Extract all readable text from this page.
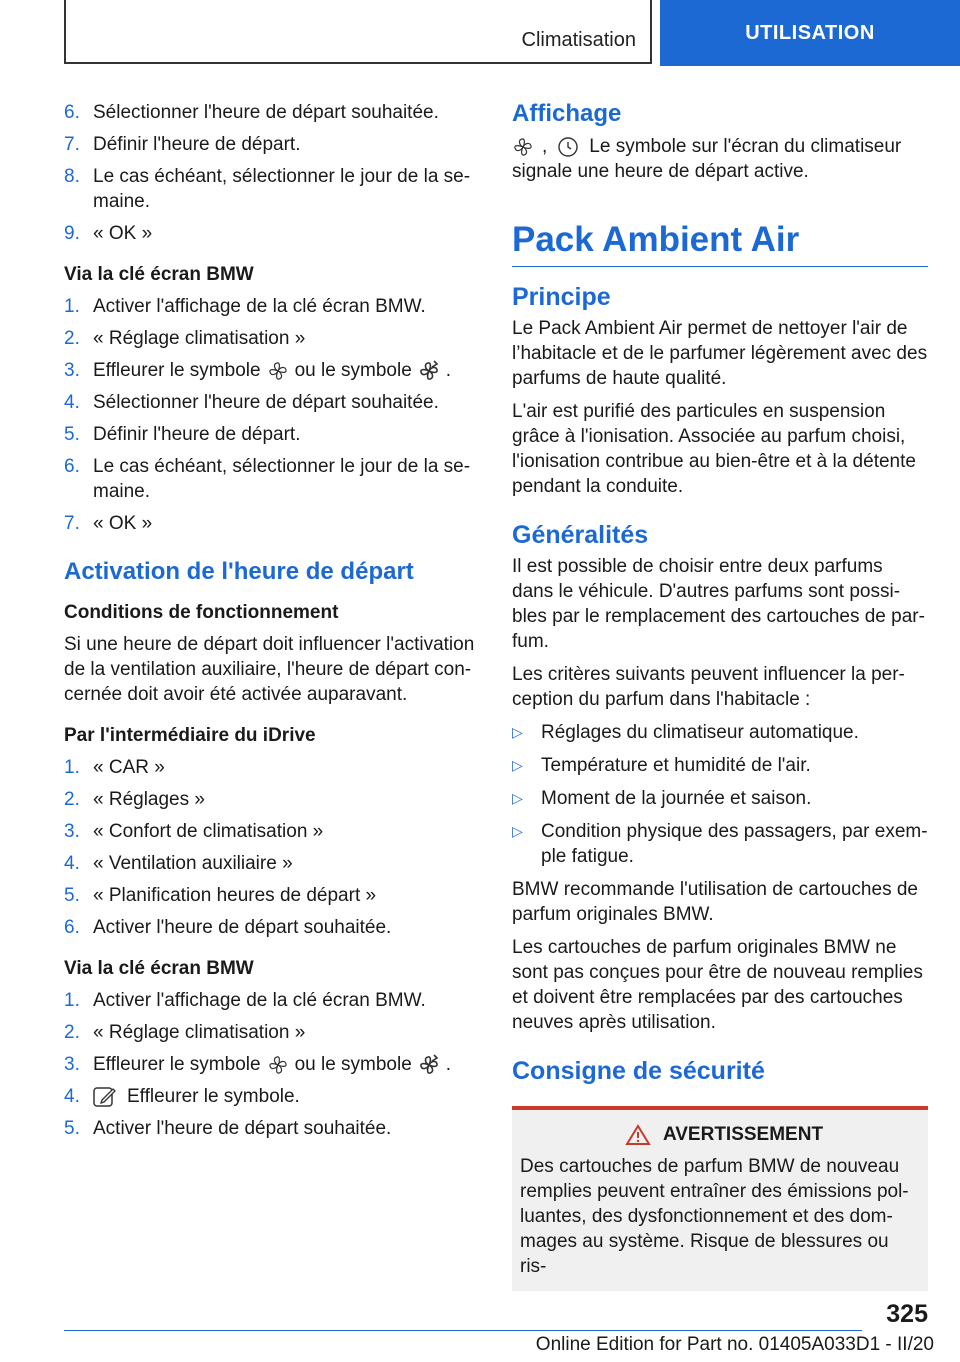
Climatisation	UTILISATION
6. Sélectionner l'heure de départ souhaitée.
7. Définir l'heure de départ.
8. Le cas échéant, sélectionner le jour de la se-maine.
9. « OK »
Via la clé écran BMW
1. Activer l'affichage de la clé écran BMW.
2. « Réglage climatisation »
3. Effleurer le symbole ou le symbole .
4. Sélectionner l'heure de départ souhaitée.
5. Définir l'heure de départ.
6. Le cas échéant, sélectionner le jour de la se-maine.
7. « OK »
Activation de l'heure de départ
Conditions de fonctionnement

Si une heure de départ doit influencer l'activation de la ventilation auxiliaire, l'heure de départ con-cernée doit avoir été activée auparavant.

Par l'intermédiaire du iDrive
1. « CAR »
2. « Réglages »
3. « Confort de climatisation »
4. « Ventilation auxiliaire »
5. « Planification heures de départ »
6. Activer l'heure de départ souhaitée.
Via la clé écran BMW
1. Activer l'affichage de la clé écran BMW.
2. « Réglage climatisation »
3. Effleurer le symbole ou le symbole .
4.	Effleurer le symbole.
5. Activer l'heure de départ souhaitée.
Affichage

, Le symbole sur l'écran du climatiseur signale une heure de départ active.

Pack Ambient Air
Principe

Le Pack Ambient Air permet de nettoyer l'air de l’habitacle et de le parfumer légèrement avec des parfums de haute qualité.

L'air est purifié des particules en suspension grâce à l'ionisation. Associée au parfum choisi, l'ionisation contribue au bien-être et à la détente pendant la conduite.

Généralités

Il est possible de choisir entre deux parfums dans le véhicule. D'autres parfums sont possi-bles par le remplacement des cartouches de par-fum.

Les critères suivants peuvent influencer la per-ception du parfum dans l'habitacle :

▷ Réglages du climatiseur automatique.
▷ Température et humidité de l'air.
▷ Moment de la journée et saison.
▷ Condition physique des passagers, par exem-ple fatigue.

BMW recommande l'utilisation de cartouches de parfum originales BMW.

Les cartouches de parfum originales BMW ne sont pas conçues pour être de nouveau remplies et doivent être remplacées par des cartouches neuves après utilisation.

Consigne de sécurité
AVERTISSEMENT

Des cartouches de parfum BMW de nouveau remplies peuvent entraîner des émissions pol-luantes, des dysfonctionnement et des dom-mages au système. Risque de blessures ou ris-

325
Online Edition for Part no. 01405A033D1 - II/20
